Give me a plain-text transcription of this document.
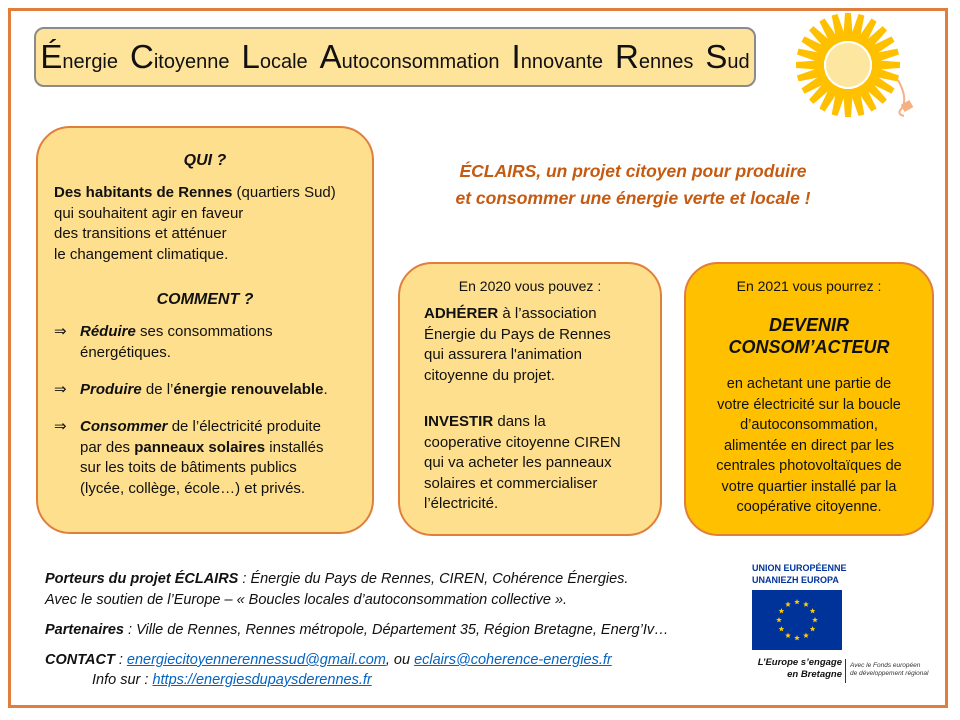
Énergie Citoyenne Locale Autoconsommation Innovante Rennes Sud
QUI ?
Des habitants de Rennes (quartiers Sud)
qui souhaitent agir en faveur
des transitions et atténuer
le changement climatique.
COMMENT ?
⇒ Réduire ses consommations
énergétiques.
⇒ Produire de l’énergie renouvelable.
⇒ Consommer de l’électricité produite
par des panneaux solaires installés
sur les toits de bâtiments publics
(lycée, collège, école…) et privés.
ÉCLAIRS, un projet citoyen pour produire
et consommer une énergie verte et locale !
En 2020 vous pouvez :
ADHÉRER à l’association
Énergie du Pays de Rennes
qui assurera l'animation
citoyenne du projet.
INVESTIR dans la
cooperative citoyenne CIREN
qui va acheter les panneaux
solaires et commercialiser
l’électricité.
En 2021 vous pourrez :
DEVENIR
CONSOM’ACTEUR
en achetant une partie de
votre électricité sur la boucle
d’autoconsommation,
alimentée en direct par les
centrales photovoltaïques de
votre quartier installé par la
coopérative citoyenne.
Porteurs du projet ÉCLAIRS : Énergie du Pays de Rennes, CIREN, Cohérence Énergies.
Avec le soutien de l’Europe – « Boucles locales d’autoconsommation collective ».
Partenaires : Ville de Rennes, Rennes métropole, Département 35, Région Bretagne, Energ’Iv…
CONTACT : energiecitoyennerennessud@gmail.com, ou eclairs@coherence-energies.fr
Info sur : https://energiesdupaysderennes.fr
UNION EUROPÉENNE
UNANIEZH EUROPA
L’Europe s’engage
en Bretagne
Avec le Fonds européen
de développement régional
